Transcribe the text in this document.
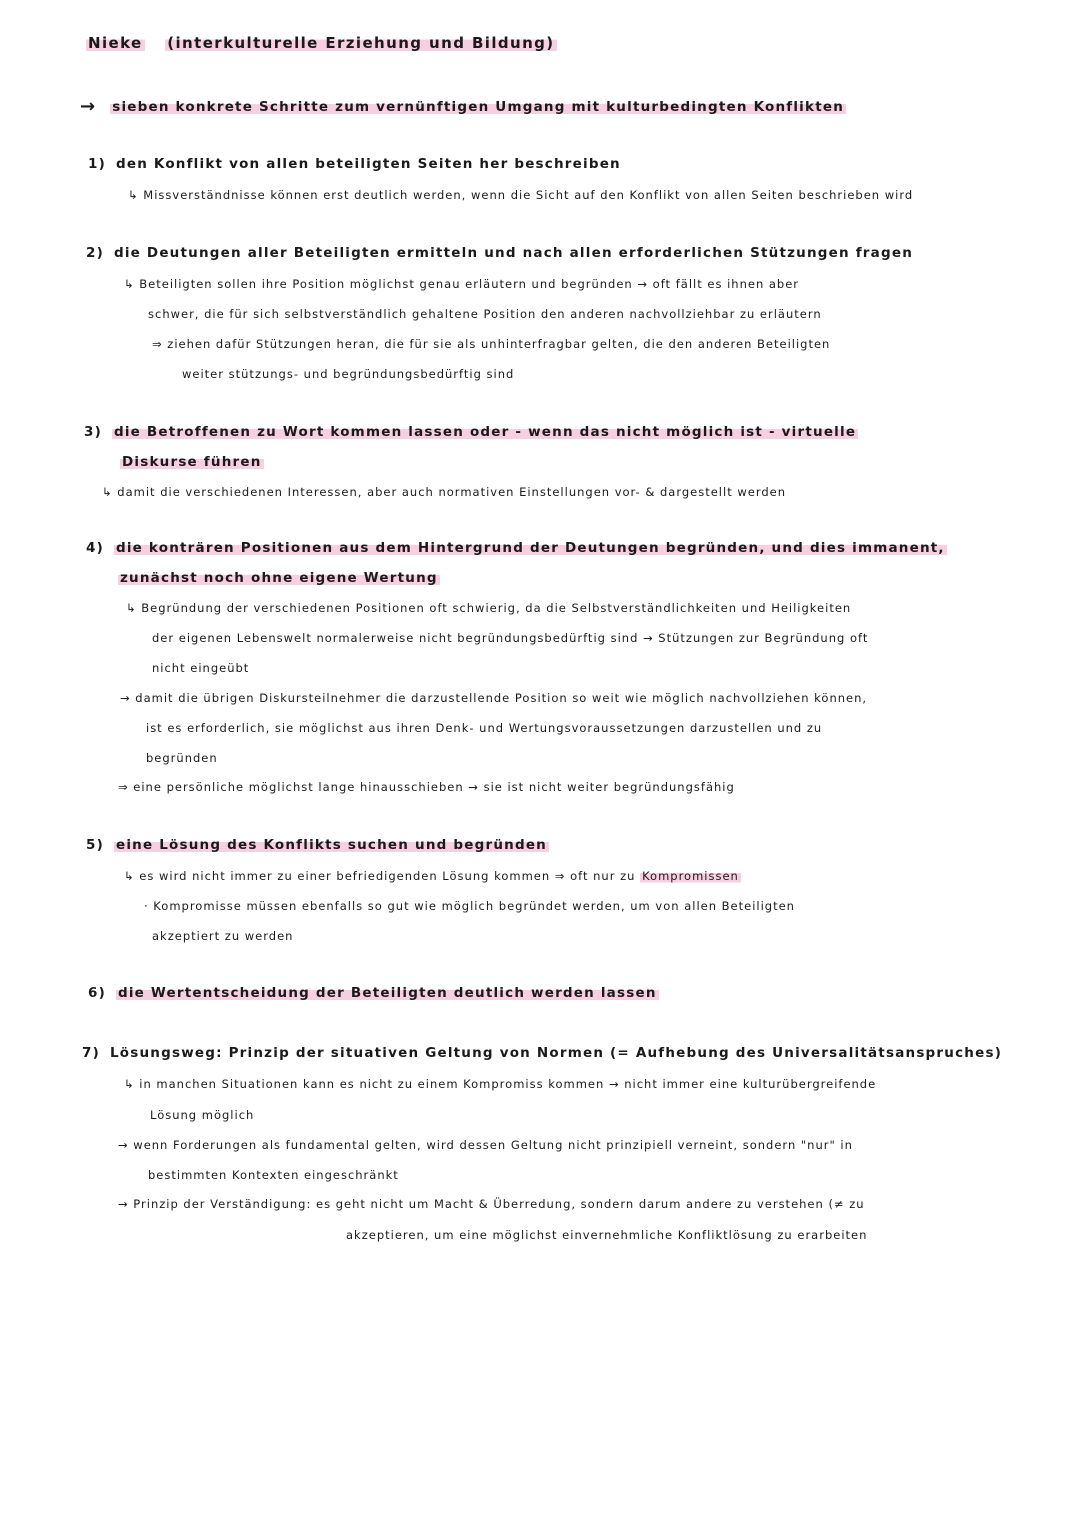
Nieke (interkulturelle Erziehung und Bildung)
→ sieben konkrete Schritte zum vernünftigen Umgang mit kulturbedingten Konflikten
1) den Konflikt von allen beteiligten Seiten her beschreiben
↳ Missverständnisse können erst deutlich werden, wenn die Sicht auf den Konflikt von allen Seiten beschrieben wird
2) die Deutungen aller Beteiligten ermitteln und nach allen erforderlichen Stützungen fragen
↳ Beteiligten sollen ihre Position möglichst genau erläutern und begründen → oft fällt es ihnen aber
schwer, die für sich selbstverständlich gehaltene Position den anderen nachvollziehbar zu erläutern
⇒ ziehen dafür Stützungen heran, die für sie als unhinterfragbar gelten, die den anderen Beteiligten
weiter stützungs- und begründungsbedürftig sind
3) die Betroffenen zu Wort kommen lassen oder - wenn das nicht möglich ist - virtuelle
Diskurse führen
↳ damit die verschiedenen Interessen, aber auch normativen Einstellungen vor- & dargestellt werden
4) die konträren Positionen aus dem Hintergrund der Deutungen begründen, und dies immanent,
zunächst noch ohne eigene Wertung
↳ Begründung der verschiedenen Positionen oft schwierig, da die Selbstverständlichkeiten und Heiligkeiten
der eigenen Lebenswelt normalerweise nicht begründungsbedürftig sind → Stützungen zur Begründung oft
nicht eingeübt
→ damit die übrigen Diskursteilnehmer die darzustellende Position so weit wie möglich nachvollziehen können,
ist es erforderlich, sie möglichst aus ihren Denk- und Wertungsvoraussetzungen darzustellen und zu
begründen
⇒ eine persönliche möglichst lange hinausschieben → sie ist nicht weiter begründungsfähig
5) eine Lösung des Konflikts suchen und begründen
↳ es wird nicht immer zu einer befriedigenden Lösung kommen ⇒ oft nur zu Kompromissen
· Kompromisse müssen ebenfalls so gut wie möglich begründet werden, um von allen Beteiligten
akzeptiert zu werden
6) die Wertentscheidung der Beteiligten deutlich werden lassen
7) Lösungsweg: Prinzip der situativen Geltung von Normen (= Aufhebung des Universalitätsanspruches)
↳ in manchen Situationen kann es nicht zu einem Kompromiss kommen → nicht immer eine kulturübergreifende
Lösung möglich
→ wenn Forderungen als fundamental gelten, wird dessen Geltung nicht prinzipiell verneint, sondern "nur" in
bestimmten Kontexten eingeschränkt
→ Prinzip der Verständigung: es geht nicht um Macht & Überredung, sondern darum andere zu verstehen (≠ zu
akzeptieren, um eine möglichst einvernehmliche Konfliktlösung zu erarbeiten
